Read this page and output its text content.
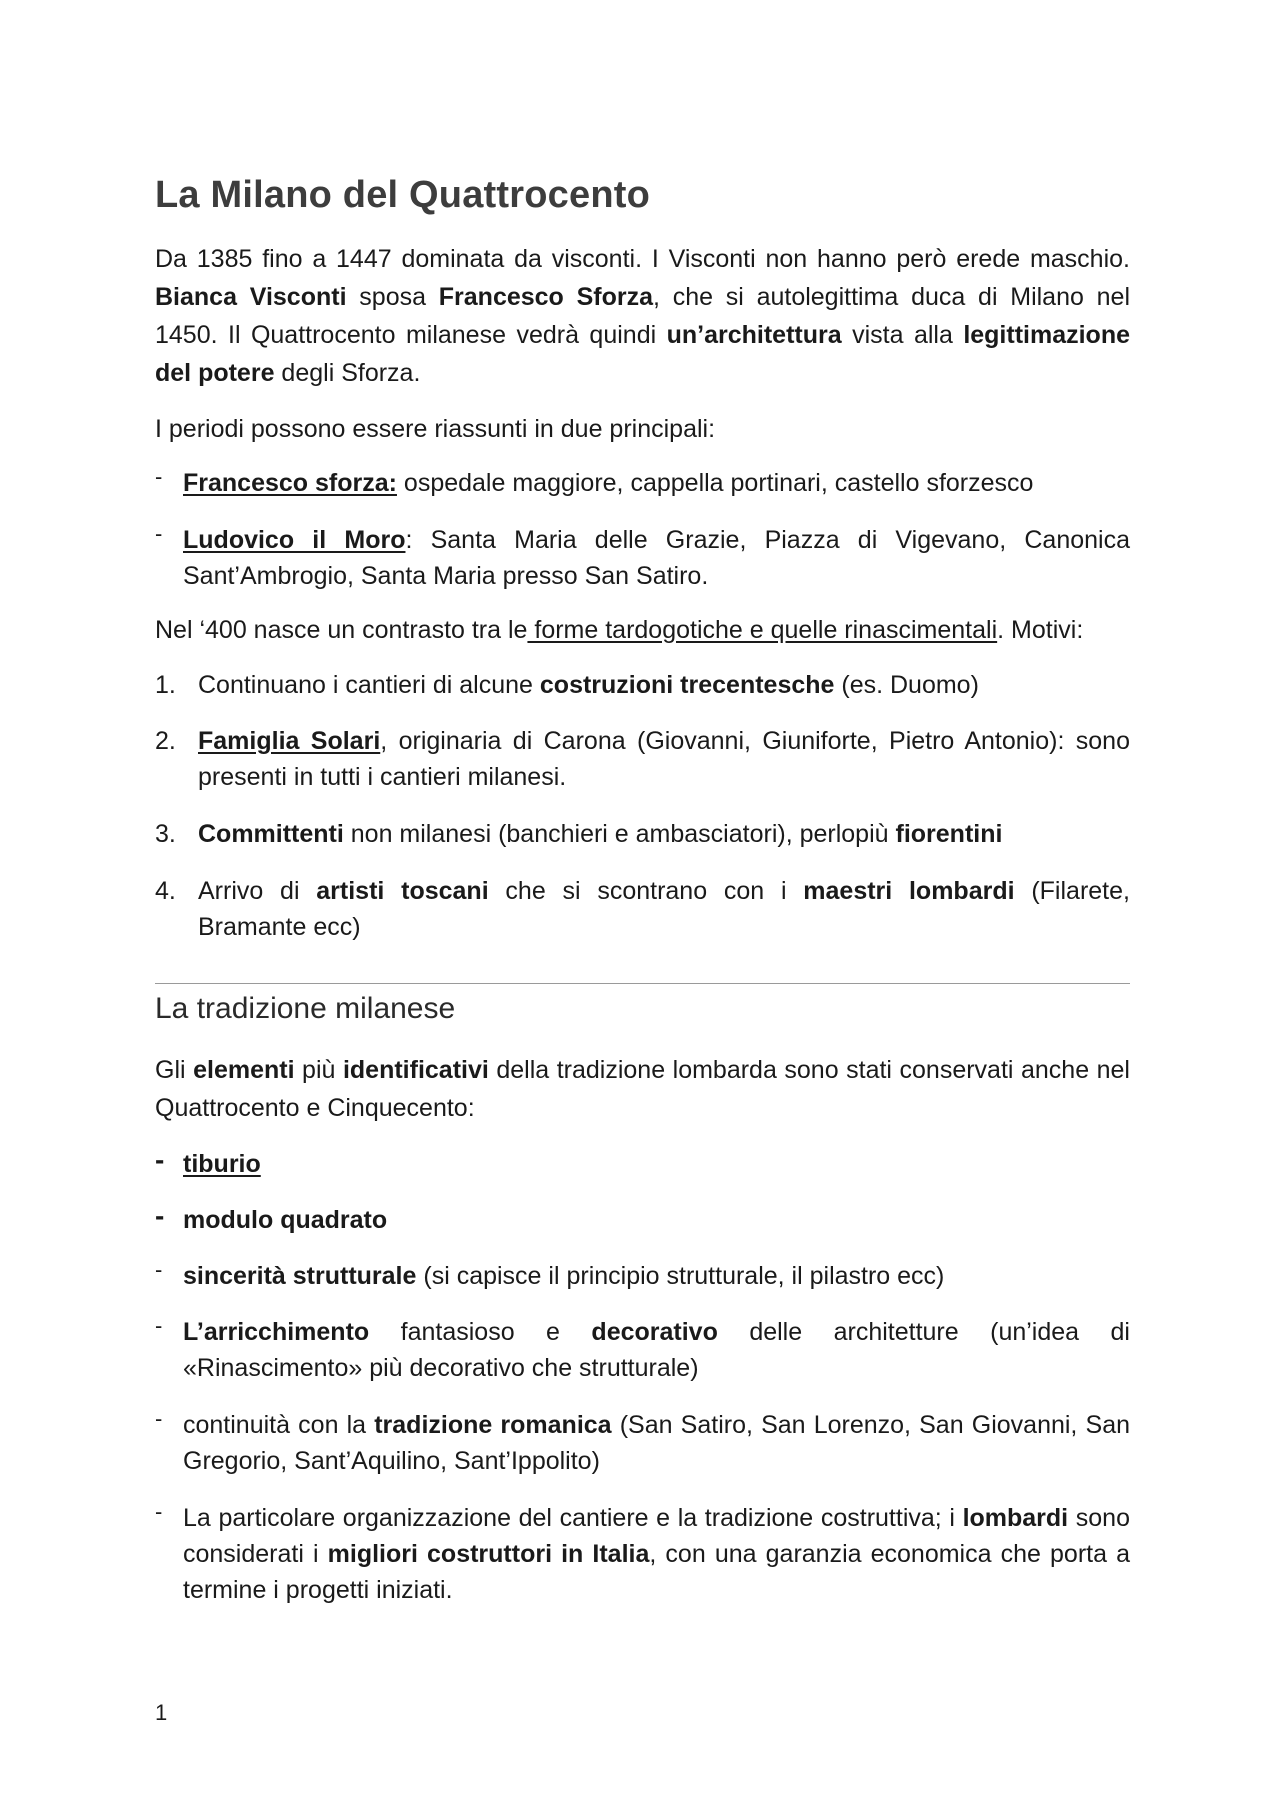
La Milano del Quattrocento

Da 1385 fino a 1447 dominata da visconti. I Visconti non hanno però erede maschio. Bianca Visconti sposa Francesco Sforza, che si autolegittima duca di Milano nel 1450. Il Quattrocento milanese vedrà quindi un’architettura vista alla legittimazione del potere degli Sforza.

I periodi possono essere riassunti in due principali:

- Francesco sforza: ospedale maggiore, cappella portinari, castello sforzesco
- Ludovico il Moro: Santa Maria delle Grazie, Piazza di Vigevano, Canonica Sant’Ambrogio, Santa Maria presso San Satiro.

Nel ‘400 nasce un contrasto tra le forme tardogotiche e quelle rinascimentali. Motivi:

1. Continuano i cantieri di alcune costruzioni trecentesche (es. Duomo)
2. Famiglia Solari, originaria di Carona (Giovanni, Giuniforte, Pietro Antonio): sono presenti in tutti i cantieri milanesi.
3. Committenti non milanesi (banchieri e ambasciatori), perlopiù fiorentini
4. Arrivo di artisti toscani che si scontrano con i maestri lombardi (Filarete, Bramante ecc)
La tradizione milanese

Gli elementi più identificativi della tradizione lombarda sono stati conservati anche nel Quattrocento e Cinquecento:

- tiburio
- modulo quadrato
- sincerità strutturale (si capisce il principio strutturale, il pilastro ecc)
- L’arricchimento fantasioso e decorativo delle architetture (un’idea di «Rinascimento» più decorativo che strutturale)
- continuità con la tradizione romanica (San Satiro, San Lorenzo, San Giovanni, San Gregorio, Sant’Aquilino, Sant’Ippolito)
- La particolare organizzazione del cantiere e la tradizione costruttiva; i lombardi sono considerati i migliori costruttori in Italia, con una garanzia economica che porta a termine i progetti iniziati.
1
